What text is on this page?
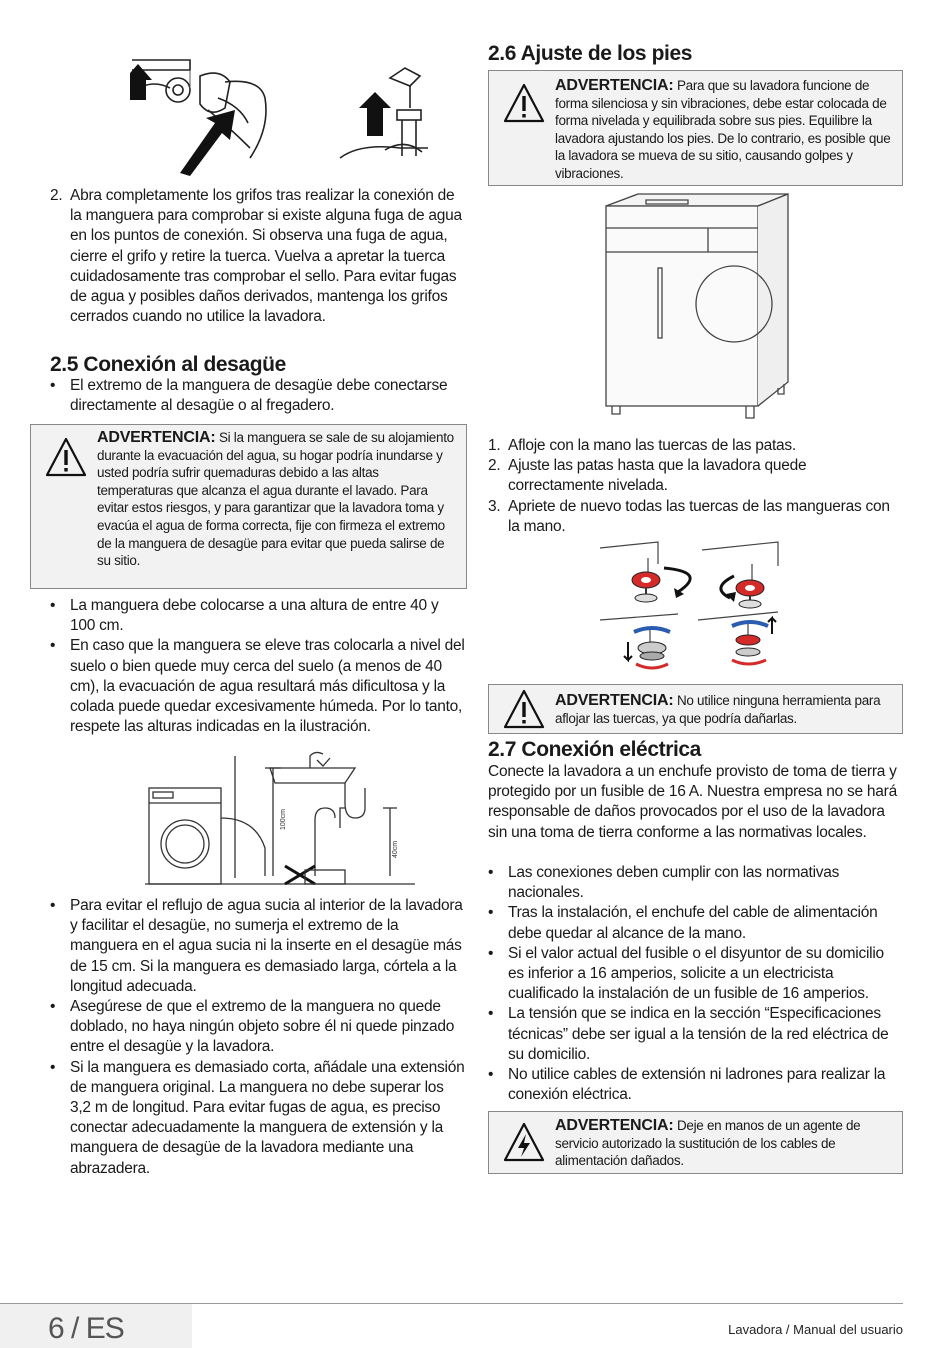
2. Abra completamente los grifos tras realizar la conexión de la manguera para comprobar si existe alguna fuga de agua en los puntos de conexión. Si observa una fuga de agua, cierre el grifo y retire la tuerca. Vuelva a apretar la tuerca cuidadosamente tras comprobar el sello. Para evitar fugas de agua y posibles daños derivados, mantenga los grifos cerrados cuando no utilice la lavadora.
2.5 Conexión al desagüe
• El extremo de la manguera de desagüe debe conectarse directamente al desagüe o al fregadero.
ADVERTENCIA: Si la manguera se sale de su alojamiento durante la evacuación del agua, su hogar podría inundarse y usted podría sufrir quemaduras debido a las altas temperaturas que alcanza el agua durante el lavado. Para evitar estos riesgos, y para garantizar que la lavadora toma y evacúa el agua de forma correcta, fije con firmeza el extremo de la manguera de desagüe para evitar que pueda salirse de su sitio.
• La manguera debe colocarse a una altura de entre 40 y 100 cm.
• En caso que la manguera se eleve tras colocarla a nivel del suelo o bien quede muy cerca del suelo (a menos de 40 cm), la evacuación de agua resultará más dificultosa y la colada puede quedar excesivamente húmeda. Por lo tanto, respete las alturas indicadas en la ilustración.
100cm
40cm
• Para evitar el reflujo de agua sucia al interior de la lavadora y facilitar el desagüe, no sumerja el extremo de la manguera en el agua sucia ni la inserte en el desagüe más de 15 cm. Si la manguera es demasiado larga, córtela a la longitud adecuada.
• Asegúrese de que el extremo de la manguera no quede doblado, no haya ningún objeto sobre él ni quede pinzado entre el desagüe y la lavadora.
• Si la manguera es demasiado corta, añádale una extensión de manguera original. La manguera no debe superar los 3,2 m de longitud. Para evitar fugas de agua, es preciso conectar adecuadamente la manguera de extensión y la manguera de desagüe de la lavadora mediante una abrazadera.
2.6 Ajuste de los pies
ADVERTENCIA: Para que su lavadora funcione de forma silenciosa y sin vibraciones, debe estar colocada de forma nivelada y equilibrada sobre sus pies. Equilibre la lavadora ajustando los pies. De lo contrario, es posible que la lavadora se mueva de su sitio, causando golpes y vibraciones.
1. Afloje con la mano las tuercas de las patas.
2. Ajuste las patas hasta que la lavadora quede correctamente nivelada.
3. Apriete de nuevo todas las tuercas de las mangueras con la mano.
ADVERTENCIA: No utilice ninguna herramienta para aflojar las tuercas, ya que podría dañarlas.
2.7 Conexión eléctrica

Conecte la lavadora a un enchufe provisto de toma de tierra y protegido por un fusible de 16 A. Nuestra empresa no se hará responsable de daños provocados por el uso de la lavadora sin una toma de tierra conforme a las normativas locales.

• Las conexiones deben cumplir con las normativas nacionales.
• Tras la instalación, el enchufe del cable de alimentación debe quedar al alcance de la mano.
• Si el valor actual del fusible o el disyuntor de su domicilio es inferior a 16 amperios, solicite a un electricista cualificado la instalación de un fusible de 16 amperios.
• La tensión que se indica en la sección “Especificaciones técnicas” debe ser igual a la tensión de la red eléctrica de su domicilio.
• No utilice cables de extensión ni ladrones para realizar la conexión eléctrica.
ADVERTENCIA: Deje en manos de un agente de servicio autorizado la sustitución de los cables de alimentación dañados.
6 / ES	Lavadora / Manual del usuario
